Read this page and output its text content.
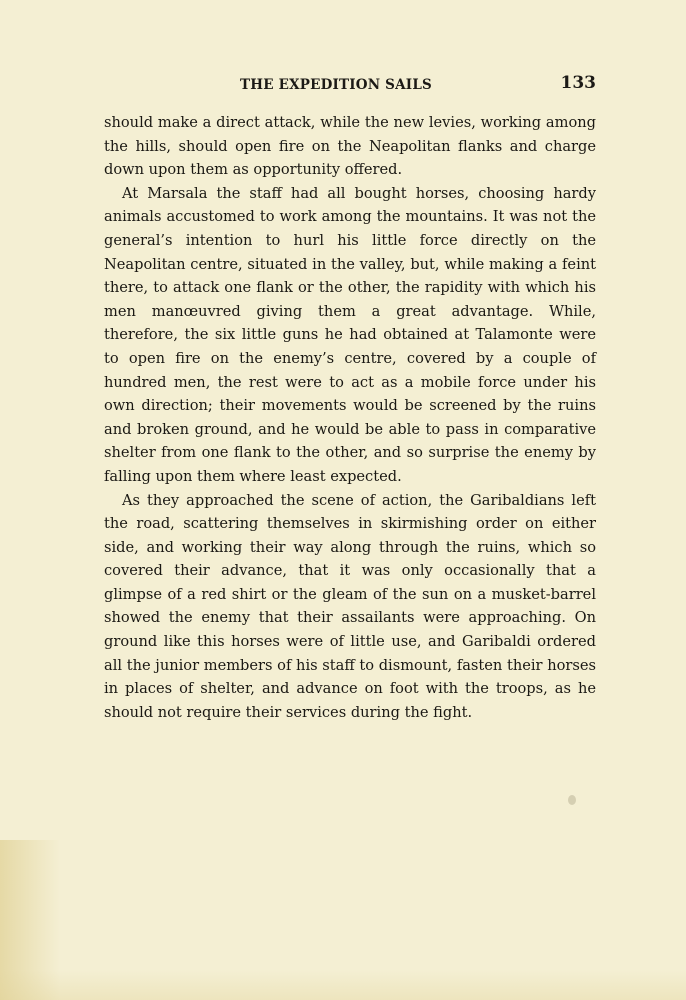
THE EXPEDITION SAILS	133

should make a direct attack, while the new levies, working among the hills, should open fire on the Neapolitan flanks and charge down upon them as opportunity offered.

At Marsala the staff had all bought horses, choosing hardy animals accustomed to work among the mountains. It was not the general’s intention to hurl his little force directly on the Neapolitan centre, situated in the valley, but, while making a feint there, to attack one flank or the other, the rapidity with which his men manœuvred giving them a great advantage. While, therefore, the six little guns he had obtained at Talamonte were to open fire on the enemy’s centre, covered by a couple of hundred men, the rest were to act as a mobile force under his own direction; their movements would be screened by the ruins and broken ground, and he would be able to pass in comparative shelter from one flank to the other, and so surprise the enemy by falling upon them where least expected.

As they approached the scene of action, the Garibaldians left the road, scattering themselves in skirmishing order on either side, and working their way along through the ruins, which so covered their advance, that it was only occasionally that a glimpse of a red shirt or the gleam of the sun on a musket-barrel showed the enemy that their assailants were approaching. On ground like this horses were of little use, and Garibaldi ordered all the junior members of his staff to dismount, fasten their horses in places of shelter, and advance on foot with the troops, as he should not require their services during the fight.
